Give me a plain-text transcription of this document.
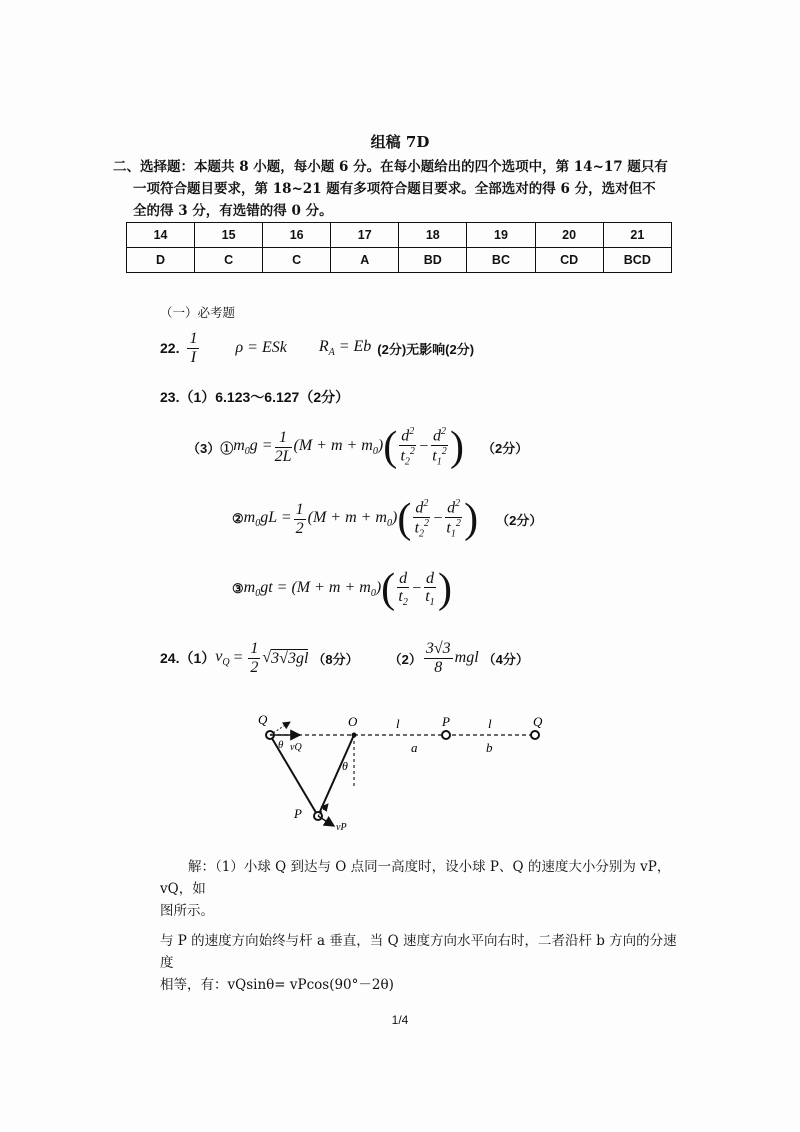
组稿 7D
二、选择题：本题共 8 小题，每小题 6 分。在每小题给出的四个选项中，第 14~17 题只有
一项符合题目要求，第 18~21 题有多项符合题目要求。全部选对的得 6 分，选对但不
全的得 3 分，有选错的得 0 分。
14	15	16	17	18	19	20	21
D	C	C	A	BD	BC	CD	BCD
（一）必考题
22. $\frac{1}{I}$ ρ = ESk $R_A = Eb$ (2分)无影响(2分)
23.（1）6.123～6.127（2分）
（3）① $m_0g = \frac{1}{2L} (M + m + m_0)$ ( $\frac{d^2}{t_2^2} - \frac{d^2}{t_1^2}$ ) （2分）
② $m_0gL = \frac{1}{2} (M + m + m_0)$ ( $\frac{d^2}{t_2^2} - \frac{d^2}{t_1^2}$ ) （2分）
③ $m_0gt = (M + m + m_0)$ ( $\frac{d}{t_2} - \frac{d}{t_1}$ )
24.（1） $v_Q = \frac{1}{2}$ √ 3√3gl （8分） $(2) \frac{3√3}{8}$ mgl （4分）
Q
θ vQ
O	l	P	l	Q
a	b
θ
P
vP
解：（1）小球 Q 到达与 O 点同一高度时，设小球 P、Q 的速度大小分别为 vP，vQ，如
图所示。
与 P 的速度方向始终与杆 a 垂直，当 Q 速度方向水平向右时，二者沿杆 b 方向的分速度
相等，有：vQsinθ= vPcos(90°－2θ)
1/4
